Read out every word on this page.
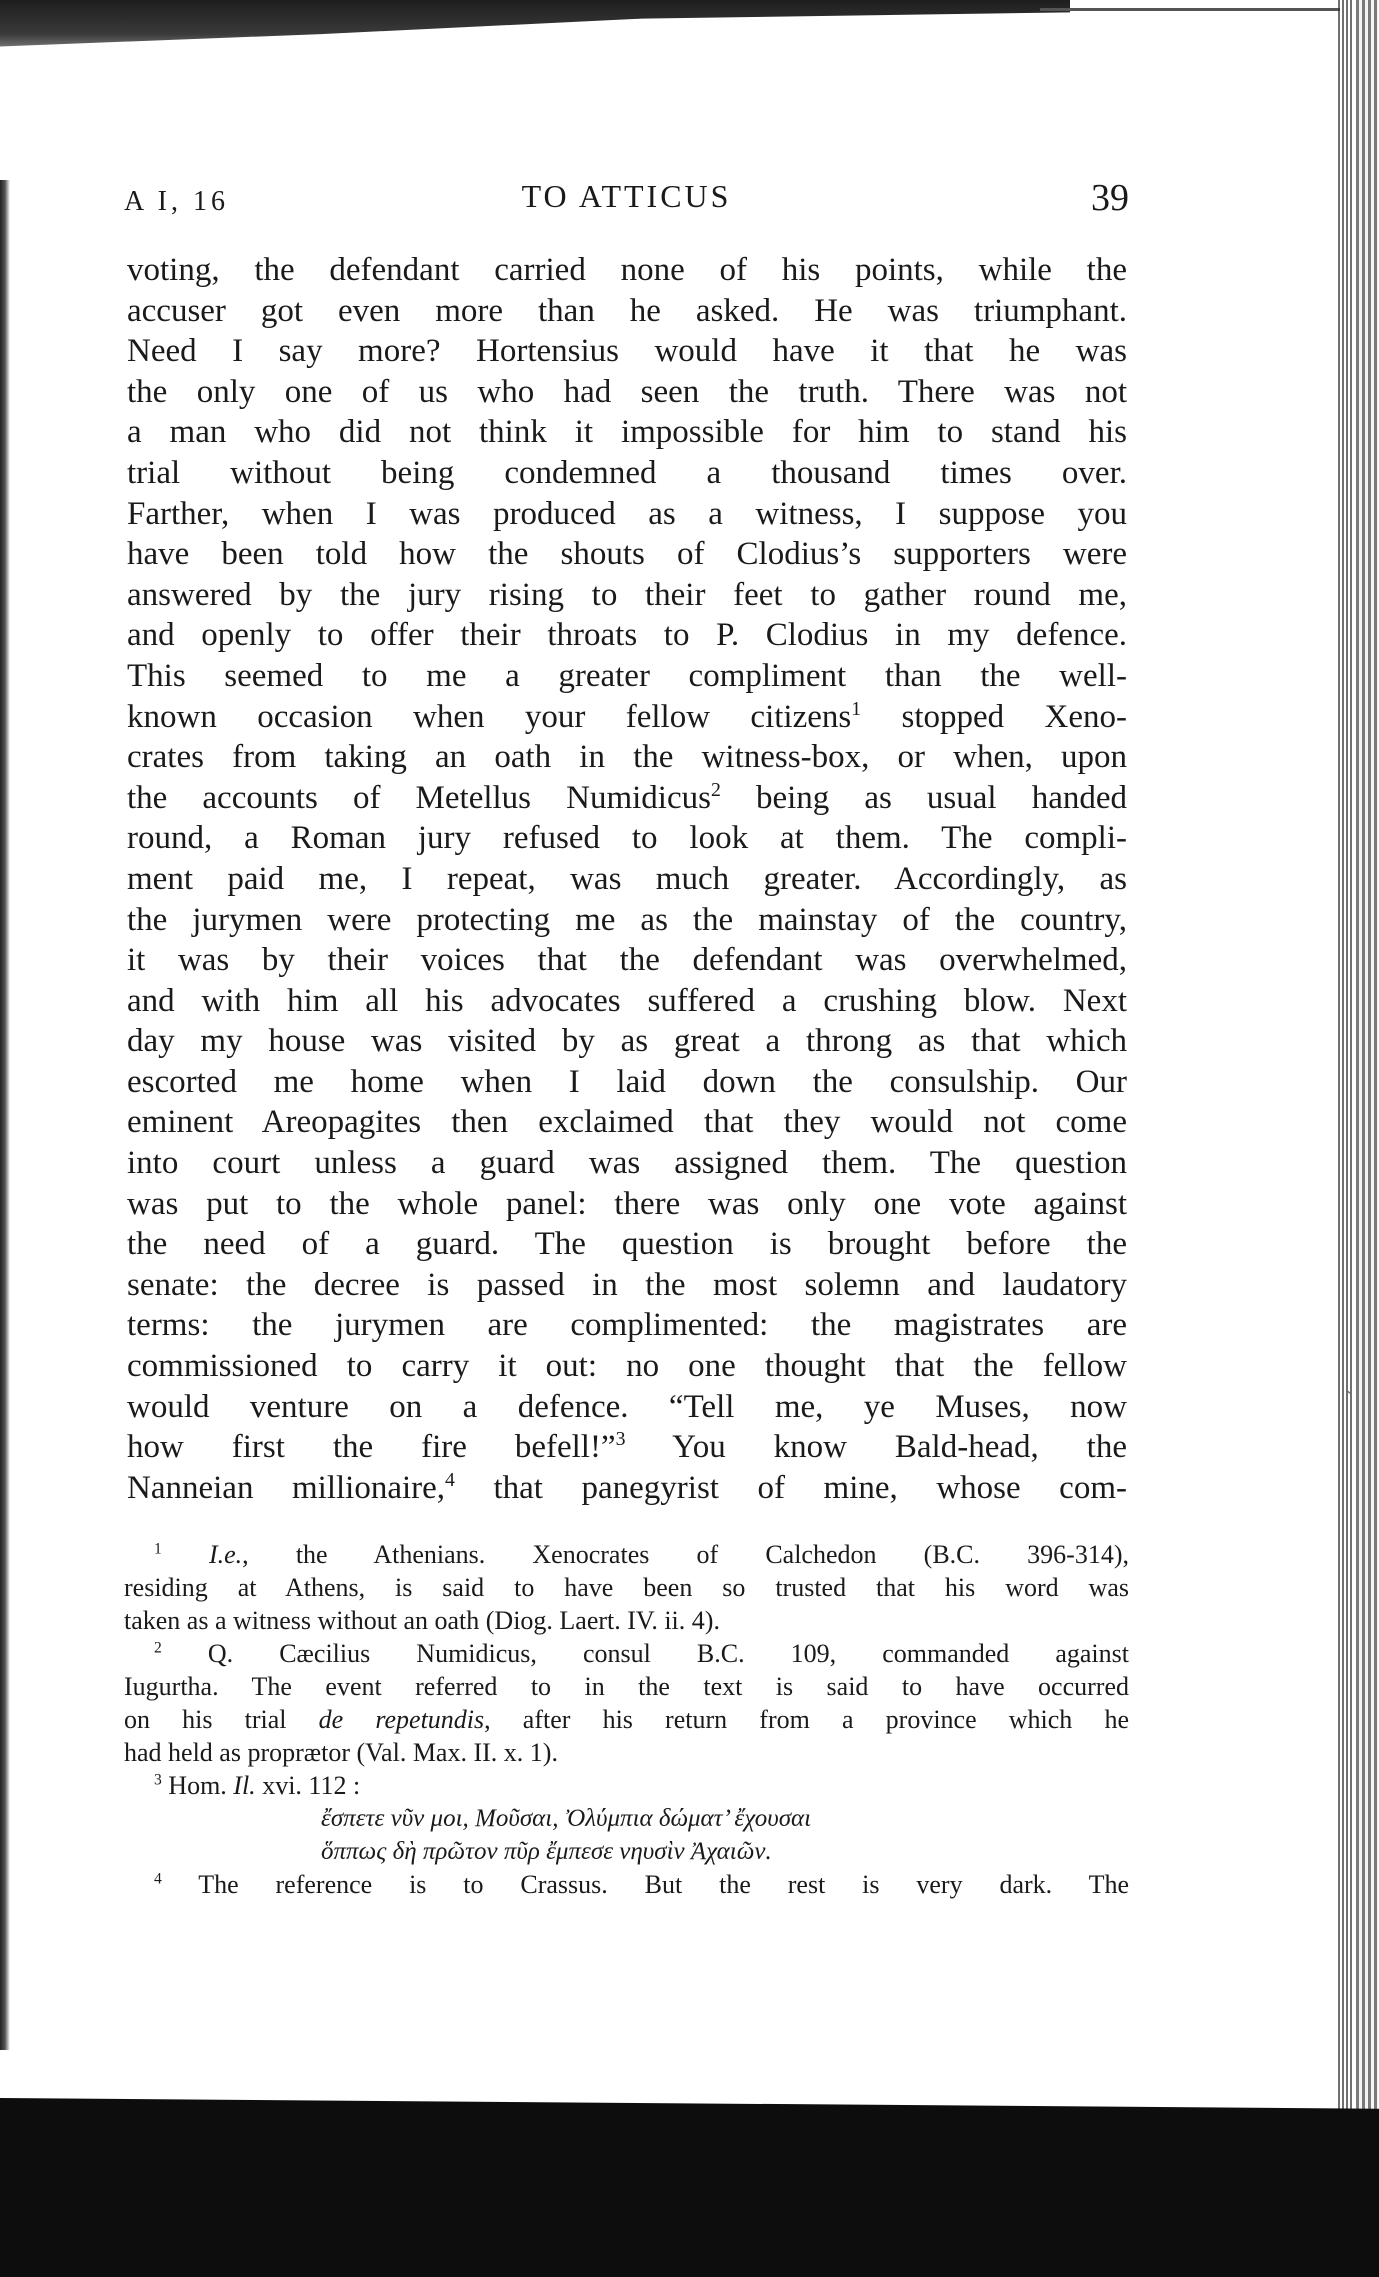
A I, 16	TO ATTICUS	39
voting, the defendant carried none of his points, while the
accuser got even more than he asked. He was triumphant.
Need I say more? Hortensius would have it that he was
the only one of us who had seen the truth. There was not
a man who did not think it impossible for him to stand his
trial without being condemned a thousand times over.
Farther, when I was produced as a witness, I suppose you
have been told how the shouts of Clodius’s supporters were
answered by the jury rising to their feet to gather round me,
and openly to offer their throats to P. Clodius in my defence.
This seemed to me a greater compliment than the well-
known occasion when your fellow citizens$^1$ stopped Xeno-
crates from taking an oath in the witness-box, or when, upon
the accounts of Metellus Numidicus$^2$ being as usual handed
round, a Roman jury refused to look at them. The compli-
ment paid me, I repeat, was much greater. Accordingly, as
the jurymen were protecting me as the mainstay of the country,
it was by their voices that the defendant was overwhelmed,
and with him all his advocates suffered a crushing blow. Next
day my house was visited by as great a throng as that which
escorted me home when I laid down the consulship. Our
eminent Areopagites then exclaimed that they would not come
into court unless a guard was assigned them. The question
was put to the whole panel: there was only one vote against
the need of a guard. The question is brought before the
senate: the decree is passed in the most solemn and laudatory
terms: the jurymen are complimented: the magistrates are
commissioned to carry it out: no one thought that the fellow
would venture on a defence. “Tell me, ye Muses, now
how first the fire befell!”$^3$ You know Bald-head, the
Nanneian millionaire,$^4$ that panegyrist of mine, whose com-
$^1$ I.e., the Athenians. Xenocrates of Calchedon (B.C. 396-314),
residing at Athens, is said to have been so trusted that his word was
taken as a witness without an oath (Diog. Laert. IV. ii. 4).
$^2$ Q. Cæcilius Numidicus, consul B.C. 109, commanded against
Iugurtha. The event referred to in the text is said to have occurred
on his trial de repetundis, after his return from a province which he
had held as proprætor (Val. Max. II. x. 1).
$^3$ Hom. Il. xvi. 112 :
ἔσπετε νῦν μοι, Μοῦσαι, Ὀλύμπια δώματ’ ἔχουσαι
ὅππως δὴ πρῶτον πῦρ ἔμπεσε νηυσὶν Ἀχαιῶν.
$^4$ The reference is to Crassus. But the rest is very dark. The
ˏ
